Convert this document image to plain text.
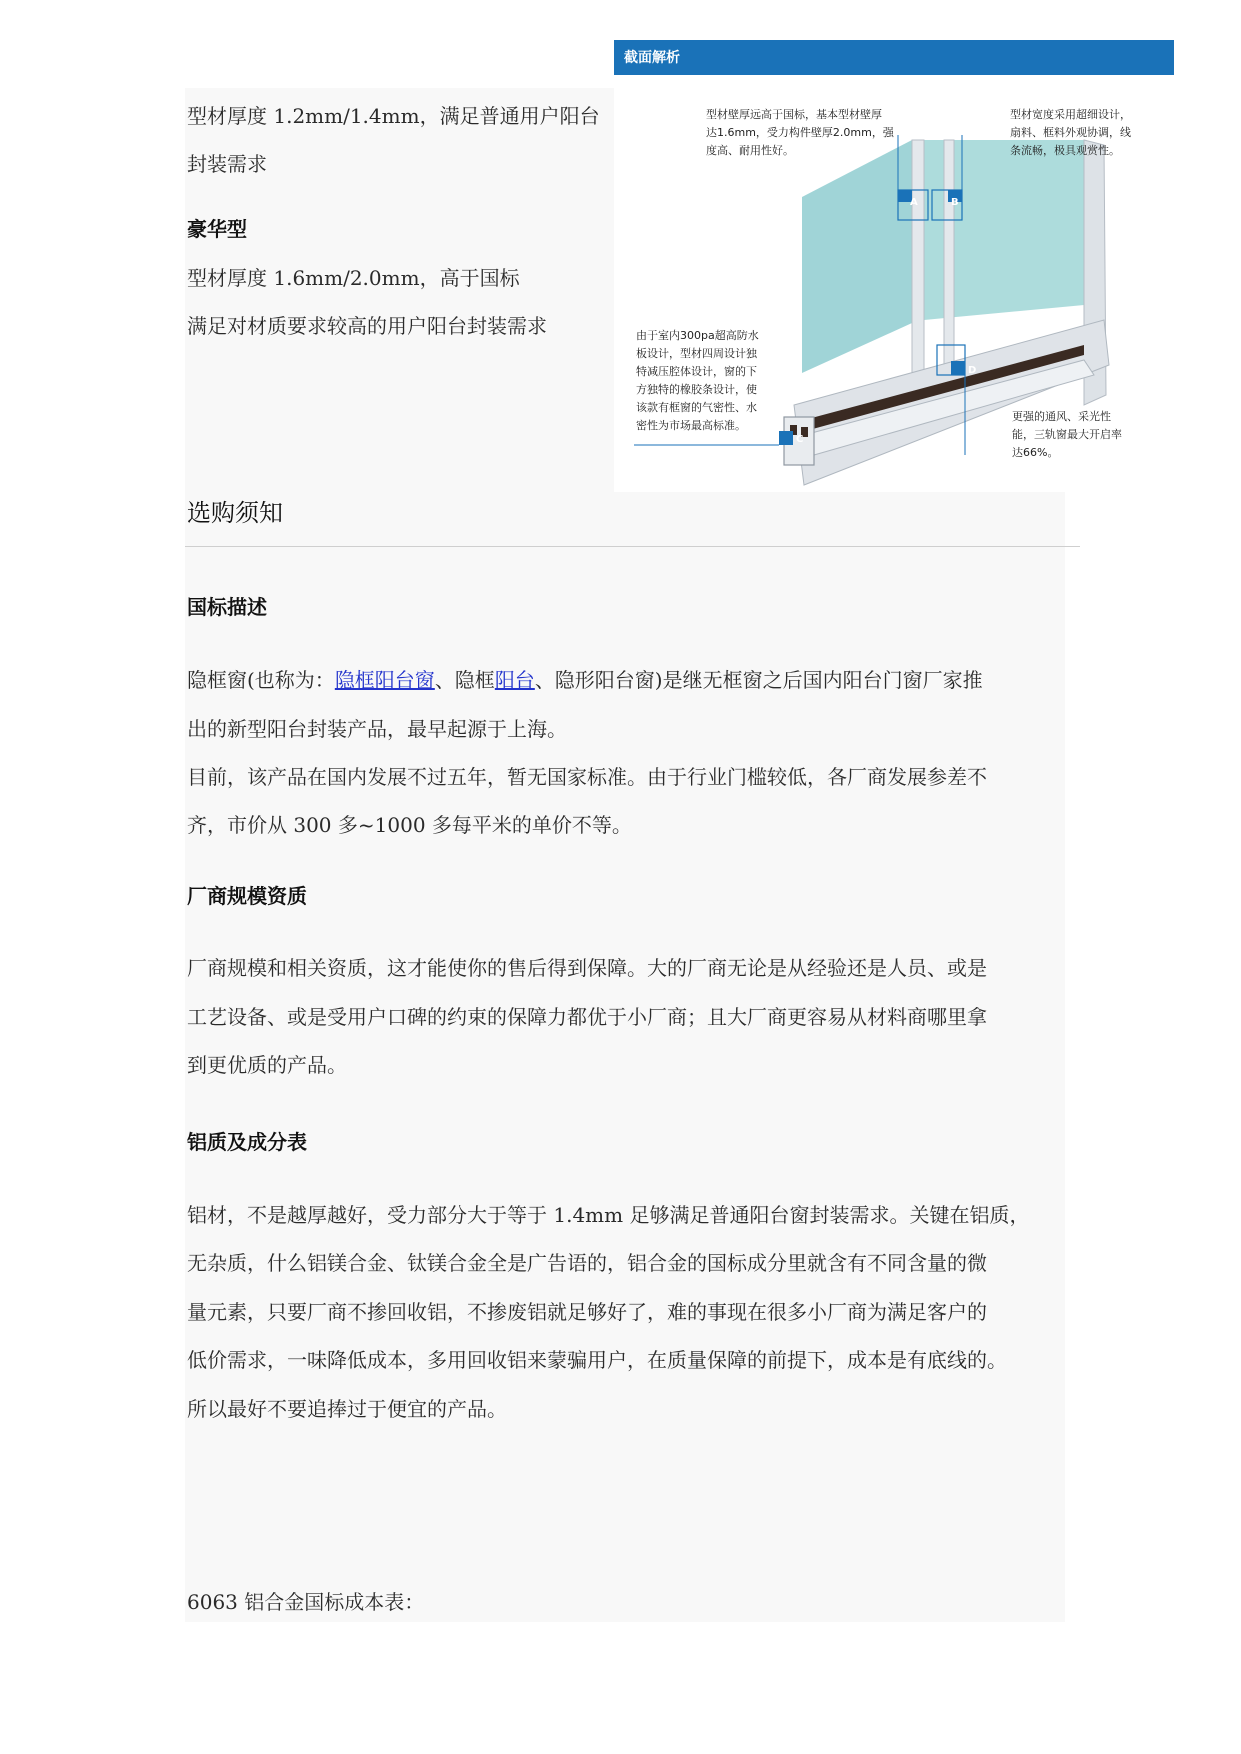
型材厚度 1.2mm/1.4mm，满足普通用户阳台
封装需求
豪华型
型材厚度 1.6mm/2.0mm，高于国标
满足对材质要求较高的用户阳台封装需求
截面解析
A	B
D
C
型材壁厚远高于国标，基本型材壁厚
达1.6mm，受力构件壁厚2.0mm，强
度高、耐用性好。
型材宽度采用超细设计，
扇料、框料外观协调，线
条流畅，极具观赏性。
由于室内300pa超高防水
板设计，型材四周设计独
特减压腔体设计，窗的下
方独特的橡胶条设计，使
该款有框窗的气密性、水
密性为市场最高标准。
更强的通风、采光性
能，三轨窗最大开启率
达66%。
选购须知
国标描述
隐框窗(也称为：隐框阳台窗、隐框阳台、隐形阳台窗)是继无框窗之后国内阳台门窗厂家推
出的新型阳台封装产品，最早起源于上海。
目前，该产品在国内发展不过五年，暂无国家标准。由于行业门槛较低，各厂商发展参差不
齐，市价从 300 多~1000 多每平米的单价不等。
厂商规模资质
厂商规模和相关资质，这才能使你的售后得到保障。大的厂商无论是从经验还是人员、或是
工艺设备、或是受用户口碑的约束的保障力都优于小厂商；且大厂商更容易从材料商哪里拿
到更优质的产品。
铝质及成分表
铝材，不是越厚越好，受力部分大于等于 1.4mm 足够满足普通阳台窗封装需求。关键在铝质，
无杂质，什么铝镁合金、钛镁合金全是广告语的，铝合金的国标成分里就含有不同含量的微
量元素，只要厂商不掺回收铝，不掺废铝就足够好了，难的事现在很多小厂商为满足客户的
低价需求，一味降低成本，多用回收铝来蒙骗用户，在质量保障的前提下，成本是有底线的。
所以最好不要追捧过于便宜的产品。
6063 铝合金国标成本表：
